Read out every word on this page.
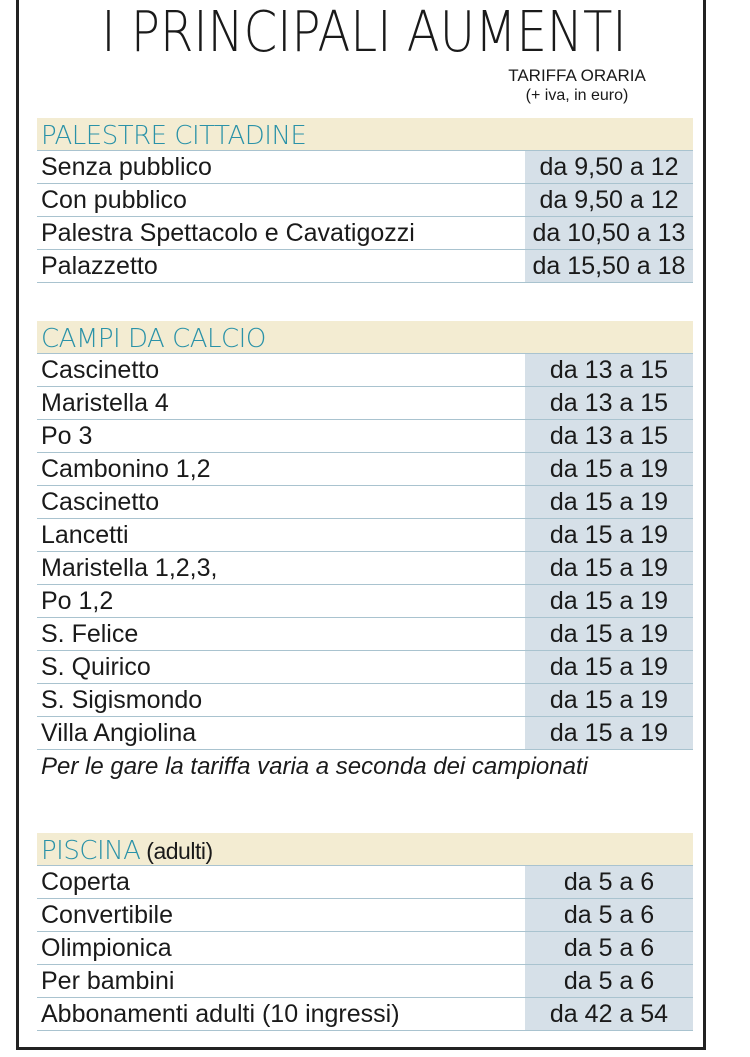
I PRINCIPALI AUMENTI
TARIFFA ORARIA
(+ iva, in euro)
PALESTRE CITTADINE
Senza pubblico	da 9,50 a 12
Con pubblico	da 9,50 a 12
Palestra Spettacolo e Cavatigozzi	da 10,50 a 13
Palazzetto	da 15,50 a 18
CAMPI DA CALCIO
Cascinetto	da 13 a 15
Maristella 4	da 13 a 15
Po 3	da 13 a 15
Cambonino 1,2	da 15 a 19
Cascinetto	da 15 a 19
Lancetti	da 15 a 19
Maristella 1,2,3,	da 15 a 19
Po 1,2	da 15 a 19
S. Felice	da 15 a 19
S. Quirico	da 15 a 19
S. Sigismondo	da 15 a 19
Villa Angiolina	da 15 a 19
Per le gare la tariffa varia a seconda dei campionati
PISCINA (adulti)
Coperta	da 5 a 6
Convertibile	da 5 a 6
Olimpionica	da 5 a 6
Per bambini	da 5 a 6
Abbonamenti adulti (10 ingressi)	da 42 a 54
